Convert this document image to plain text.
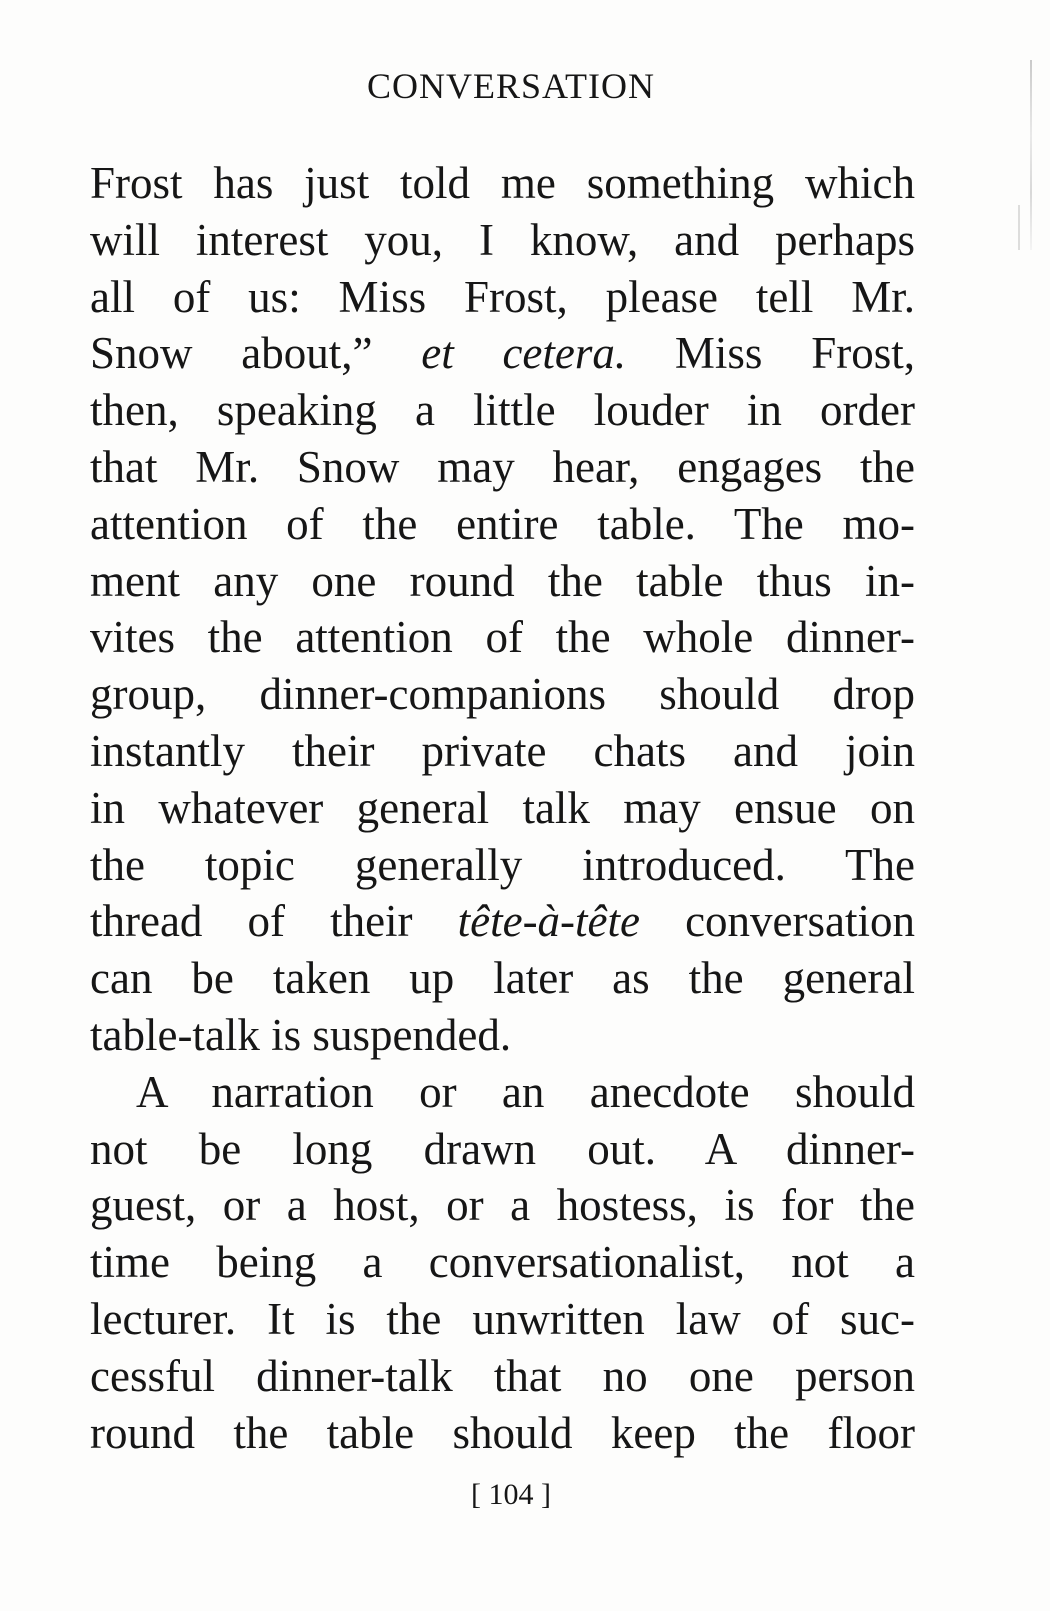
CONVERSATION
Frost has just told me something which
will interest you, I know, and perhaps
all of us: Miss Frost, please tell Mr.
Snow about,” et cetera. Miss Frost,
then, speaking a little louder in order
that Mr. Snow may hear, engages the
attention of the entire table. The mo-
ment any one round the table thus in-
vites the attention of the whole dinner-
group, dinner-companions should drop
instantly their private chats and join
in whatever general talk may ensue on
the topic generally introduced. The
thread of their tête-à-tête conversation
can be taken up later as the general
table-talk is suspended.
A narration or an anecdote should
not be long drawn out. A dinner-
guest, or a host, or a hostess, is for the
time being a conversationalist, not a
lecturer. It is the unwritten law of suc-
cessful dinner-talk that no one person
round the table should keep the floor
[ 104 ]
